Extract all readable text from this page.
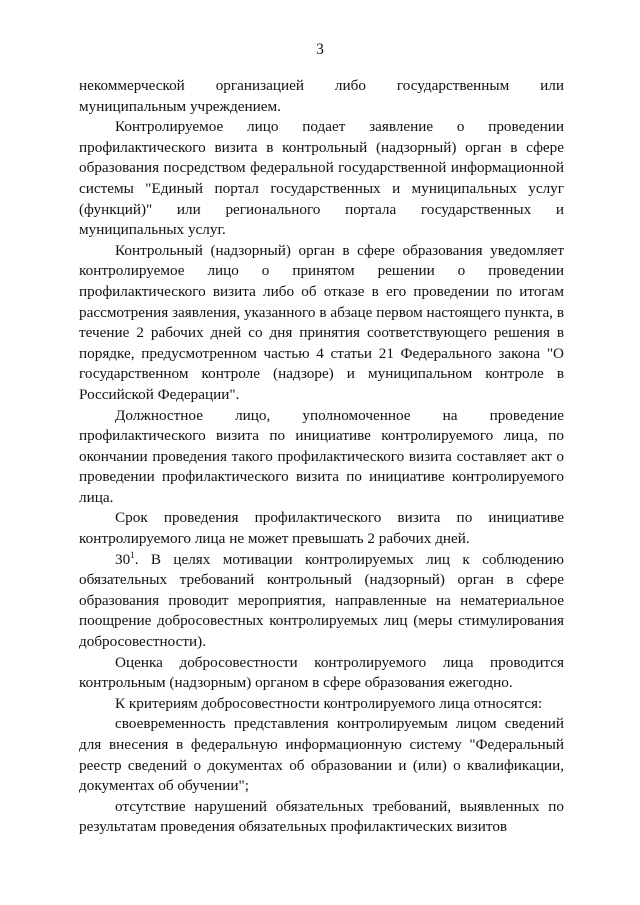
3

некоммерческой организацией либо государственным или муниципальным учреждением.

Контролируемое лицо подает заявление о проведении профилактического визита в контрольный (надзорный) орган в сфере образования посредством федеральной государственной информационной системы "Единый портал государственных и муниципальных услуг (функций)" или регионального портала государственных и муниципальных услуг.

Контрольный (надзорный) орган в сфере образования уведомляет контролируемое лицо о принятом решении о проведении профилактического визита либо об отказе в его проведении по итогам рассмотрения заявления, указанного в абзаце первом настоящего пункта, в течение 2 рабочих дней со дня принятия соответствующего решения в порядке, предусмотренном частью 4 статьи 21 Федерального закона "О государственном контроле (надзоре) и муниципальном контроле в Российской Федерации".

Должностное лицо, уполномоченное на проведение профилактического визита по инициативе контролируемого лица, по окончании проведения такого профилактического визита составляет акт о проведении профилактического визита по инициативе контролируемого лица.

Срок проведения профилактического визита по инициативе контролируемого лица не может превышать 2 рабочих дней.

30$^1$. В целях мотивации контролируемых лиц к соблюдению обязательных требований контрольный (надзорный) орган в сфере образования проводит мероприятия, направленные на нематериальное поощрение добросовестных контролируемых лиц (меры стимулирования добросовестности).

Оценка добросовестности контролируемого лица проводится контрольным (надзорным) органом в сфере образования ежегодно.

К критериям добросовестности контролируемого лица относятся:

своевременность представления контролируемым лицом сведений для внесения в федеральную информационную систему "Федеральный реестр сведений о документах об образовании и (или) о квалификации, документах об обучении";

отсутствие нарушений обязательных требований, выявленных по результатам проведения обязательных профилактических визитов
